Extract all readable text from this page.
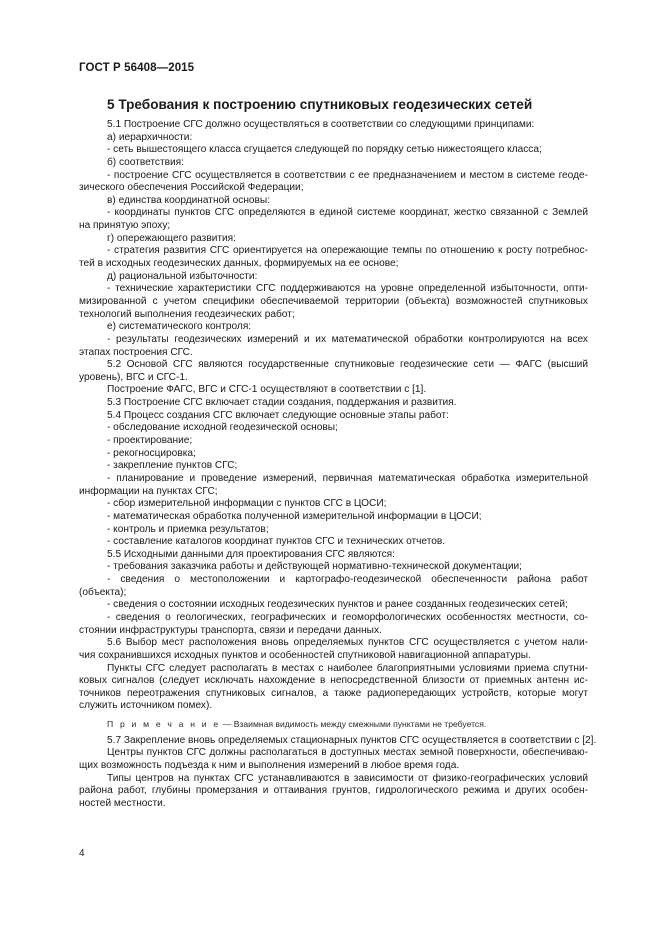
ГОСТ Р 56408—2015
5 Требования к построению спутниковых геодезических сетей
5.1 Построение СГС должно осуществляться в соответствии со следующими принципами:
а) иерархичности:
- сеть вышестоящего класса сгущается следующей по порядку сетью нижестоящего класса;
б) соответствия:
- построение СГС осуществляется в соответствии с ее предназначением и местом в системе геоде-
зического обеспечения Российской Федерации;
в) единства координатной основы:
- координаты пунктов СГС определяются в единой системе координат, жестко связанной с Землей
на принятую эпоху;
г) опережающего развития:
- стратегия развития СГС ориентируется на опережающие темпы по отношению к росту потребнос-
тей в исходных геодезических данных, формируемых на ее основе;
д) рациональной избыточности:
- технические характеристики СГС поддерживаются на уровне определенной избыточности, опти-
мизированной с учетом специфики обеспечиваемой территории (объекта) возможностей спутниковых
технологий выполнения геодезических работ;
е) систематического контроля:
- результаты геодезических измерений и их математической обработки контролируются на всех
этапах построения СГС.
5.2 Основой СГС являются государственные спутниковые геодезические сети — ФАГС (высший
уровень), ВГС и СГС-1.
Построение ФАГС, ВГС и СГС-1 осуществляют в соответствии с [1].
5.3 Построение СГС включает стадии создания, поддержания и развития.
5.4 Процесс создания СГС включает следующие основные этапы работ:
- обследование исходной геодезической основы;
- проектирование;
- рекогносцировка;
- закрепление пунктов СГС;
- планирование и проведение измерений, первичная математическая обработка измерительной
информации на пунктах СГС;
- сбор измерительной информации с пунктов СГС в ЦОСИ;
- математическая обработка полученной измерительной информации в ЦОСИ;
- контроль и приемка результатов;
- составление каталогов координат пунктов СГС и технических отчетов.
5.5 Исходными данными для проектирования СГС являются:
- требования заказчика работы и действующей нормативно-технической документации;
- сведения о местоположении и картографо-геодезической обеспеченности района работ
(объекта);
- сведения о состоянии исходных геодезических пунктов и ранее созданных геодезических сетей;
- сведения о геологических, географических и геоморфологических особенностях местности, со-
стоянии инфраструктуры транспорта, связи и передачи данных.
5.6 Выбор мест расположения вновь определяемых пунктов СГС осуществляется с учетом нали-
чия сохранившихся исходных пунктов и особенностей спутниковой навигационной аппаратуры.
Пункты СГС следует располагать в местах с наиболее благоприятными условиями приема спутни-
ковых сигналов (следует исключать нахождение в непосредственной близости от приемных антенн ис-
точников переотражения спутниковых сигналов, а также радиопередающих устройств, которые могут
служить источником помех).
П р и м е ч а н и е — Взаимная видимость между смежными пунктами не требуется.
5.7 Закрепление вновь определяемых стационарных пунктов СГС осуществляется в соответствии с [2].
Центры пунктов СГС должны располагаться в доступных местах земной поверхности, обеспечиваю-
щих возможность подъезда к ним и выполнения измерений в любое время года.
Типы центров на пунктах СГС устанавливаются в зависимости от физико-географических условий
района работ, глубины промерзания и оттаивания грунтов, гидрологического режима и других особен-
ностей местности.
4
